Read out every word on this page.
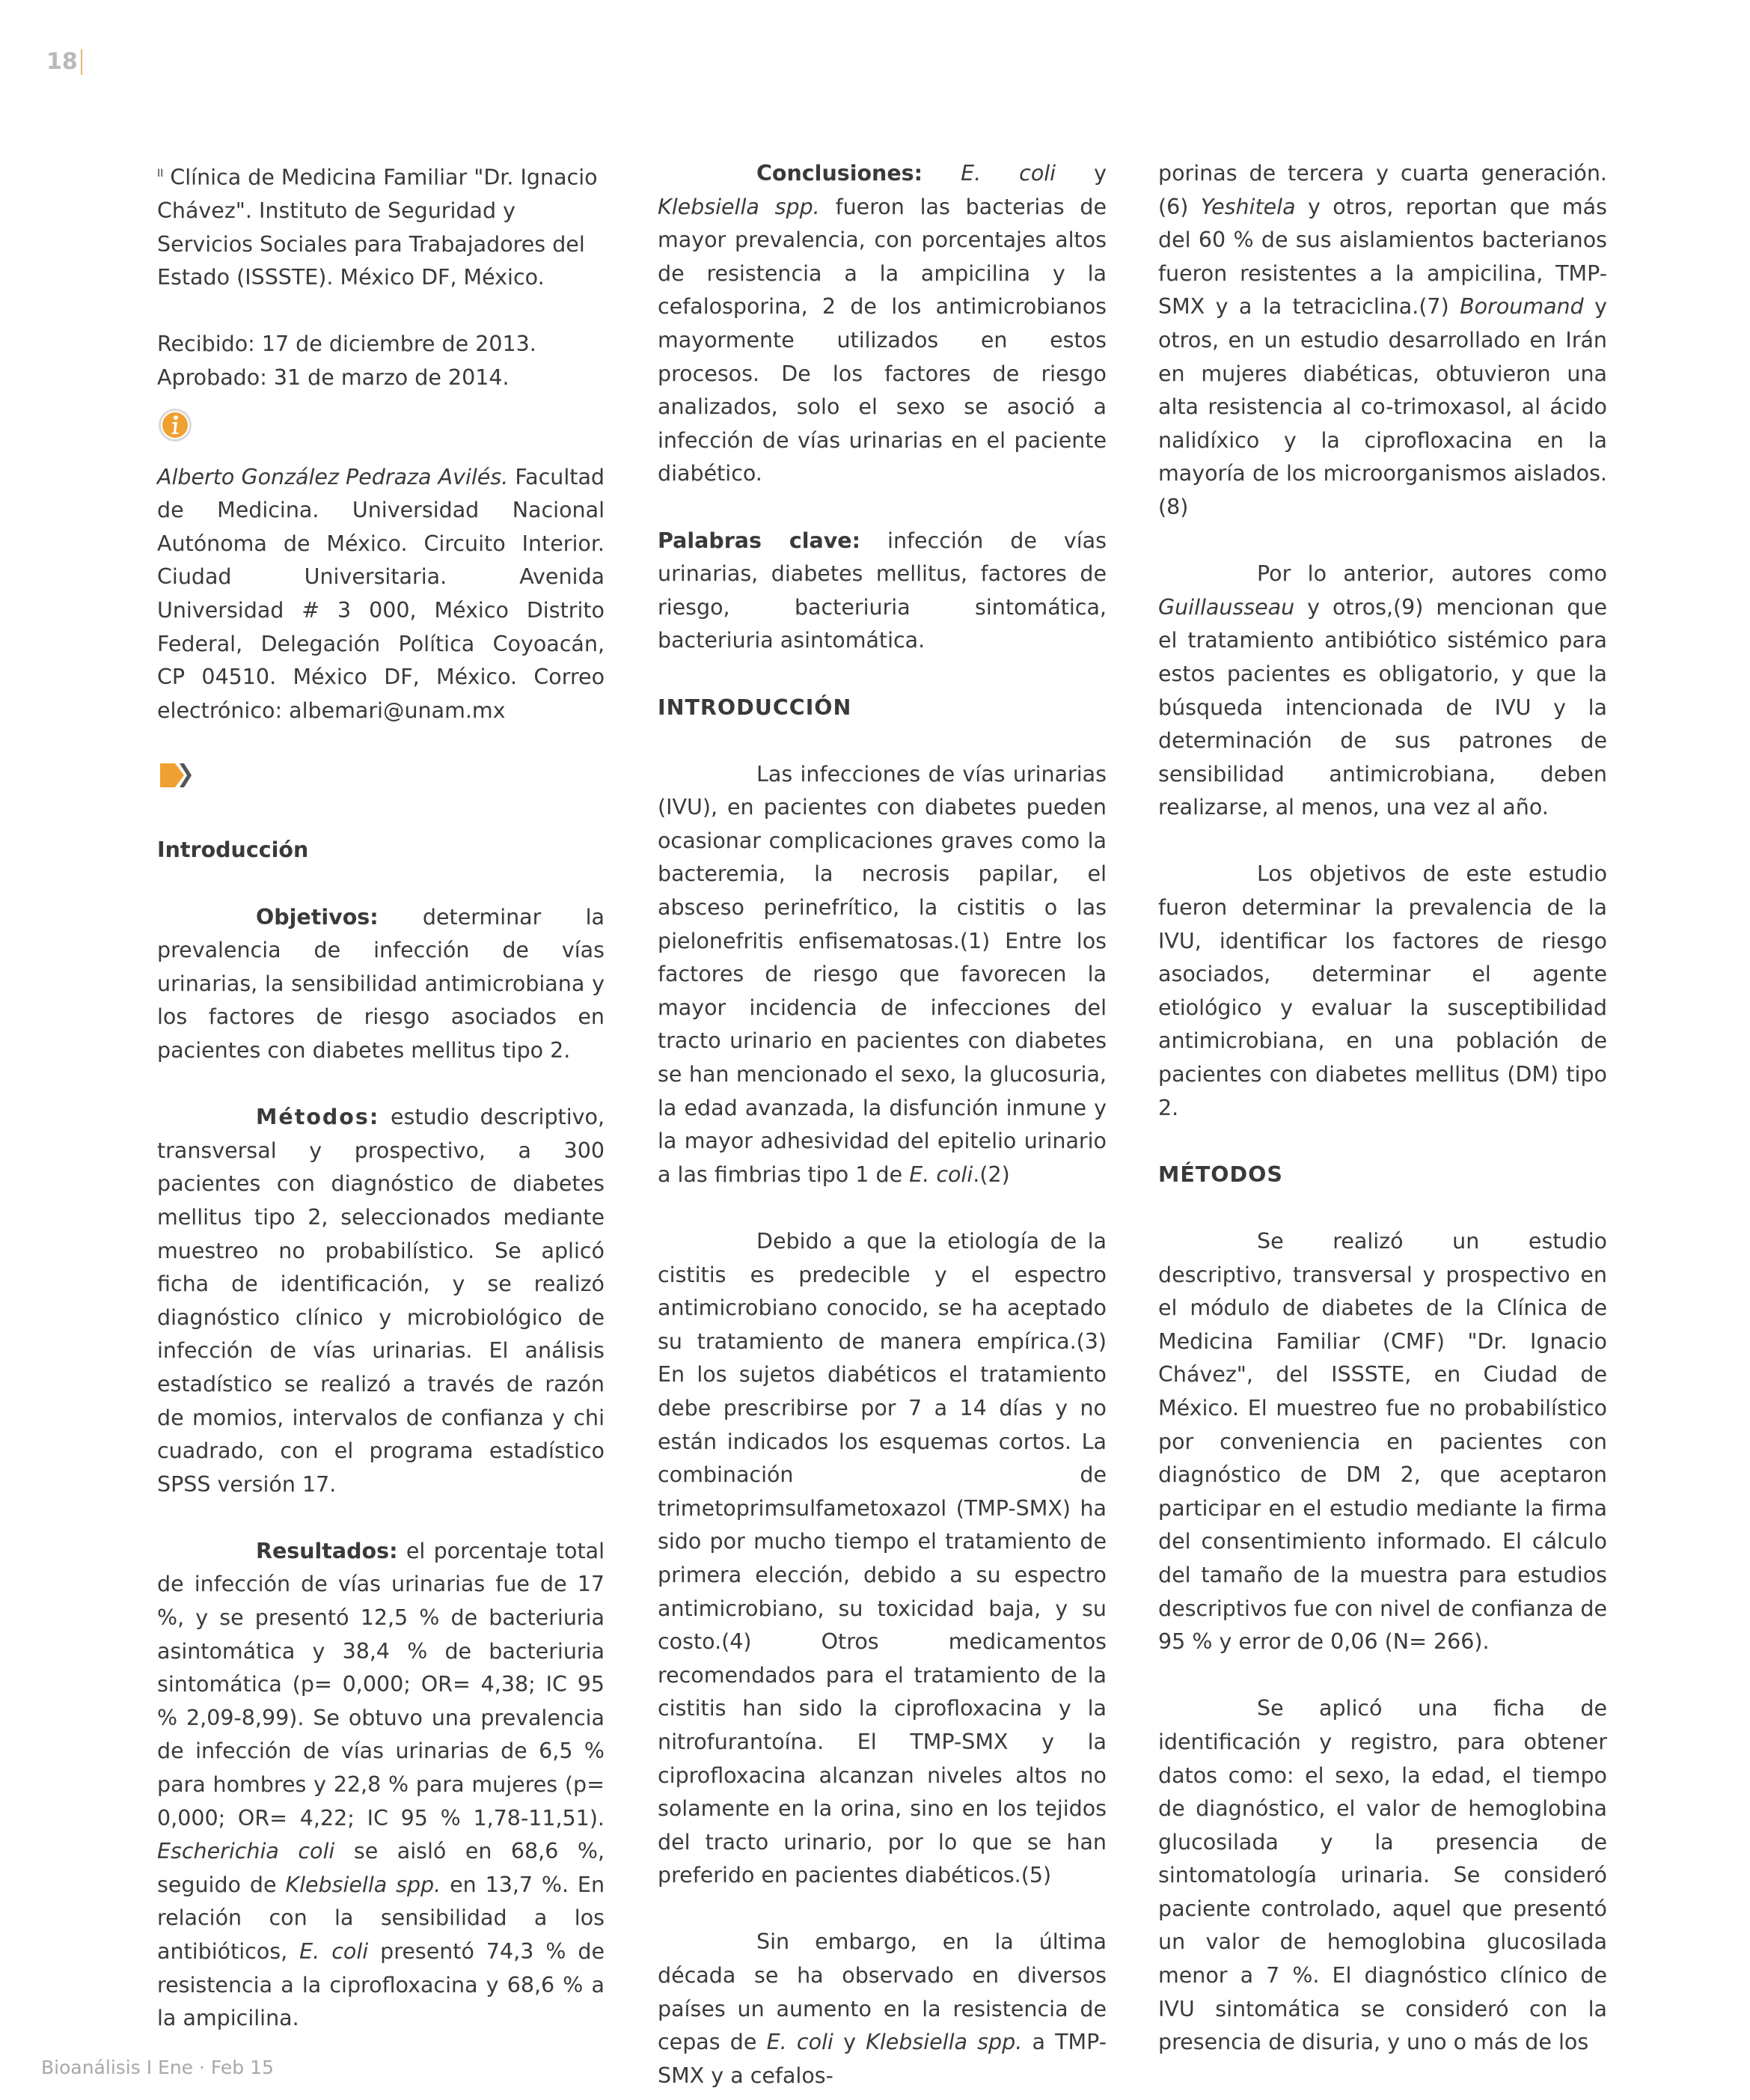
18

$^{II}$ Clínica de Medicina Familiar "Dr. Ignacio Chávez". Instituto de Seguridad y Servicios Sociales para Trabajadores del Estado (ISSSTE). México DF, México.

Recibido: 17 de diciembre de 2013.

Aprobado: 31 de marzo de 2014.

Alberto González Pedraza Avilés. Facultad de Medicina. Universidad Nacional Autónoma de México. Circuito Interior. Ciudad Universitaria. Avenida Universidad # 3 000, México Distrito Federal, Delegación Política Coyoacán, CP 04510. México DF, México. Correo electrónico: albemari@unam.mx

Introducción

Objetivos: determinar la prevalencia de infección de vías urinarias, la sensibilidad antimicrobiana y los factores de riesgo asociados en pacientes con diabetes mellitus tipo 2.

Métodos: estudio descriptivo, transversal y prospectivo, a 300 pacientes con diagnóstico de diabetes mellitus tipo 2, seleccionados mediante muestreo no probabilístico. Se aplicó ficha de identificación, y se realizó diagnóstico clínico y microbiológico de infección de vías urinarias. El análisis estadístico se realizó a través de razón de momios, intervalos de confianza y chi cuadrado, con el programa estadístico SPSS versión 17.

Resultados: el porcentaje total de infección de vías urinarias fue de 17 %, y se presentó 12,5 % de bacteriuria asintomática y 38,4 % de bacteriuria sintomática (p= 0,000; OR= 4,38; IC 95 % 2,09-8,99). Se obtuvo una prevalencia de infección de vías urinarias de 6,5 % para hombres y 22,8 % para mujeres (p= 0,000; OR= 4,22; IC 95 % 1,78-11,51). Escherichia coli se aisló en 68,6 %, seguido de Klebsiella spp. en 13,7 %. En relación con la sensibilidad a los antibióticos, E. coli presentó 74,3 % de resistencia a la ciprofloxacina y 68,6 % a la ampicilina.

Conclusiones: E. coli y Klebsiella spp. fueron las bacterias de mayor prevalencia, con porcentajes altos de resistencia a la ampicilina y la cefalosporina, 2 de los antimicrobianos mayormente utilizados en estos procesos. De los factores de riesgo analizados, solo el sexo se asoció a infección de vías urinarias en el paciente diabético.

Palabras clave: infección de vías urinarias, diabetes mellitus, factores de riesgo, bacteriuria sintomática, bacteriuria asintomática.

INTRODUCCIÓN

Las infecciones de vías urinarias (IVU), en pacientes con diabetes pueden ocasionar complicaciones graves como la bacteremia, la necrosis papilar, el absceso perinefrítico, la cistitis o las pielonefritis enfisematosas.(1) Entre los factores de riesgo que favorecen la mayor incidencia de infecciones del tracto urinario en pacientes con diabetes se han mencionado el sexo, la glucosuria, la edad avanzada, la disfunción inmune y la mayor adhesividad del epitelio urinario a las fimbrias tipo 1 de E. coli.(2)

Debido a que la etiología de la cistitis es predecible y el espectro antimicrobiano conocido, se ha aceptado su tratamiento de manera empírica.(3) En los sujetos diabéticos el tratamiento debe prescribirse por 7 a 14 días y no están indicados los esquemas cortos. La combinación de trimetoprimsulfametoxazol (TMP-SMX) ha sido por mucho tiempo el tratamiento de primera elección, debido a su espectro antimicrobiano, su toxicidad baja, y su costo.(4) Otros medicamentos recomendados para el tratamiento de la cistitis han sido la ciprofloxacina y la nitrofurantoína. El TMP-SMX y la ciprofloxacina alcanzan niveles altos no solamente en la orina, sino en los tejidos del tracto urinario, por lo que se han preferido en pacientes diabéticos.(5)

Sin embargo, en la última década se ha observado en diversos países un aumento en la resistencia de cepas de E. coli y Klebsiella spp. a TMP-SMX y a cefalos-

porinas de tercera y cuarta generación.(6) Yeshitela y otros, reportan que más del 60 % de sus aislamientos bacterianos fueron resistentes a la ampicilina, TMP-SMX y a la tetraciclina.(7) Boroumand y otros, en un estudio desarrollado en Irán en mujeres diabéticas, obtuvieron una alta resistencia al co-trimoxasol, al ácido nalidíxico y la ciprofloxacina en la mayoría de los microorganismos aislados.(8)

Por lo anterior, autores como Guillausseau y otros,(9) mencionan que el tratamiento antibiótico sistémico para estos pacientes es obligatorio, y que la búsqueda intencionada de IVU y la determinación de sus patrones de sensibilidad antimicrobiana, deben realizarse, al menos, una vez al año.

Los objetivos de este estudio fueron determinar la prevalencia de la IVU, identificar los factores de riesgo asociados, determinar el agente etiológico y evaluar la susceptibilidad antimicrobiana, en una población de pacientes con diabetes mellitus (DM) tipo 2.

MÉTODOS

Se realizó un estudio descriptivo, transversal y prospectivo en el módulo de diabetes de la Clínica de Medicina Familiar (CMF) "Dr. Ignacio Chávez", del ISSSTE, en Ciudad de México. El muestreo fue no probabilístico por conveniencia en pacientes con diagnóstico de DM 2, que aceptaron participar en el estudio mediante la firma del consentimiento informado. El cálculo del tamaño de la muestra para estudios descriptivos fue con nivel de confianza de 95 % y error de 0,06 (N= 266).

Se aplicó una ficha de identificación y registro, para obtener datos como: el sexo, la edad, el tiempo de diagnóstico, el valor de hemoglobina glucosilada y la presencia de sintomatología urinaria. Se consideró paciente controlado, aquel que presentó un valor de hemoglobina glucosilada menor a 7 %. El diagnóstico clínico de IVU sintomática se consideró con la presencia de disuria, y uno o más de los

Bioanálisis I Ene · Feb 15
